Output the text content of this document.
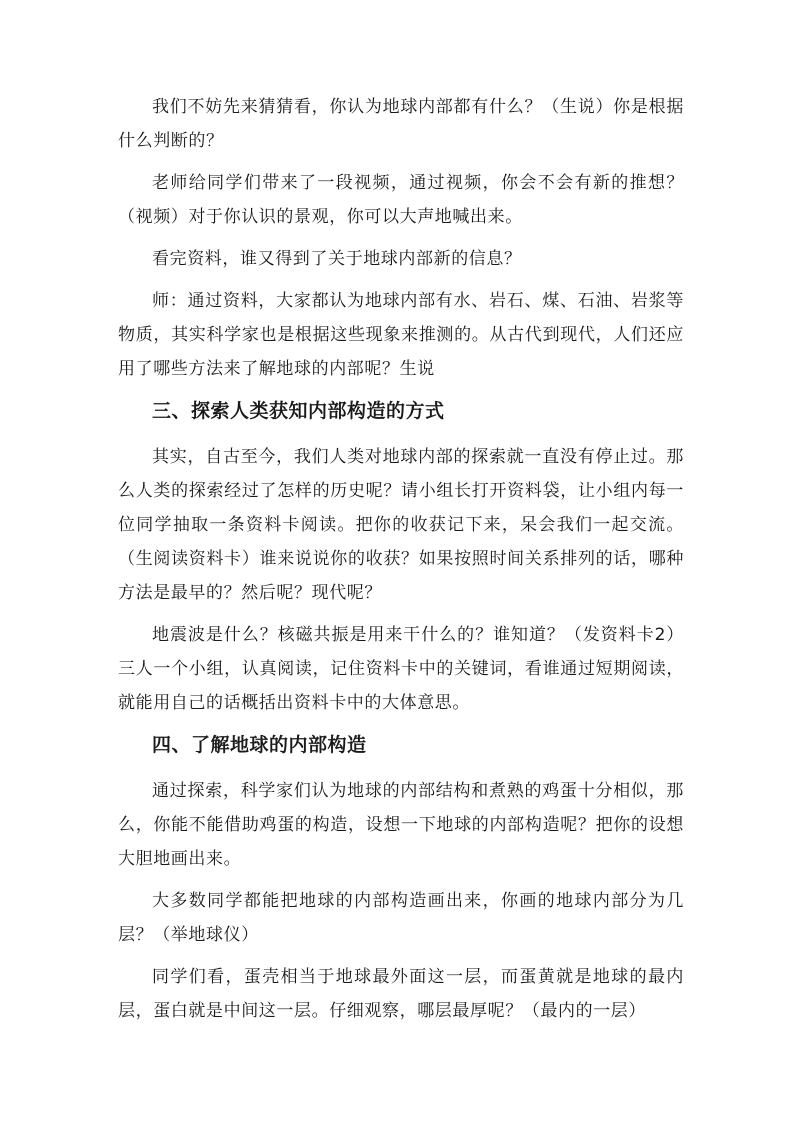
我们不妨先来猜猜看，你认为地球内部都有什么？（生说）你是根据什么判断的？

老师给同学们带来了一段视频，通过视频，你会不会有新的推想？（视频）对于你认识的景观，你可以大声地喊出来。

看完资料，谁又得到了关于地球内部新的信息？

师：通过资料，大家都认为地球内部有水、岩石、煤、石油、岩浆等物质，其实科学家也是根据这些现象来推测的。从古代到现代，人们还应用了哪些方法来了解地球的内部呢？生说

三、探索人类获知内部构造的方式

其实，自古至今，我们人类对地球内部的探索就一直没有停止过。那么人类的探索经过了怎样的历史呢？请小组长打开资料袋，让小组内每一位同学抽取一条资料卡阅读。把你的收获记下来，呆会我们一起交流。（生阅读资料卡）谁来说说你的收获？如果按照时间关系排列的话，哪种方法是最早的？然后呢？现代呢？

地震波是什么？核磁共振是用来干什么的？谁知道？（发资料卡2）三人一个小组，认真阅读，记住资料卡中的关键词，看谁通过短期阅读，就能用自己的话概括出资料卡中的大体意思。

四、了解地球的内部构造

通过探索，科学家们认为地球的内部结构和煮熟的鸡蛋十分相似，那么，你能不能借助鸡蛋的构造，设想一下地球的内部构造呢？把你的设想大胆地画出来。

大多数同学都能把地球的内部构造画出来，你画的地球内部分为几层？（举地球仪）

同学们看，蛋壳相当于地球最外面这一层，而蛋黄就是地球的最内层，蛋白就是中间这一层。仔细观察，哪层最厚呢？（最内的一层）
